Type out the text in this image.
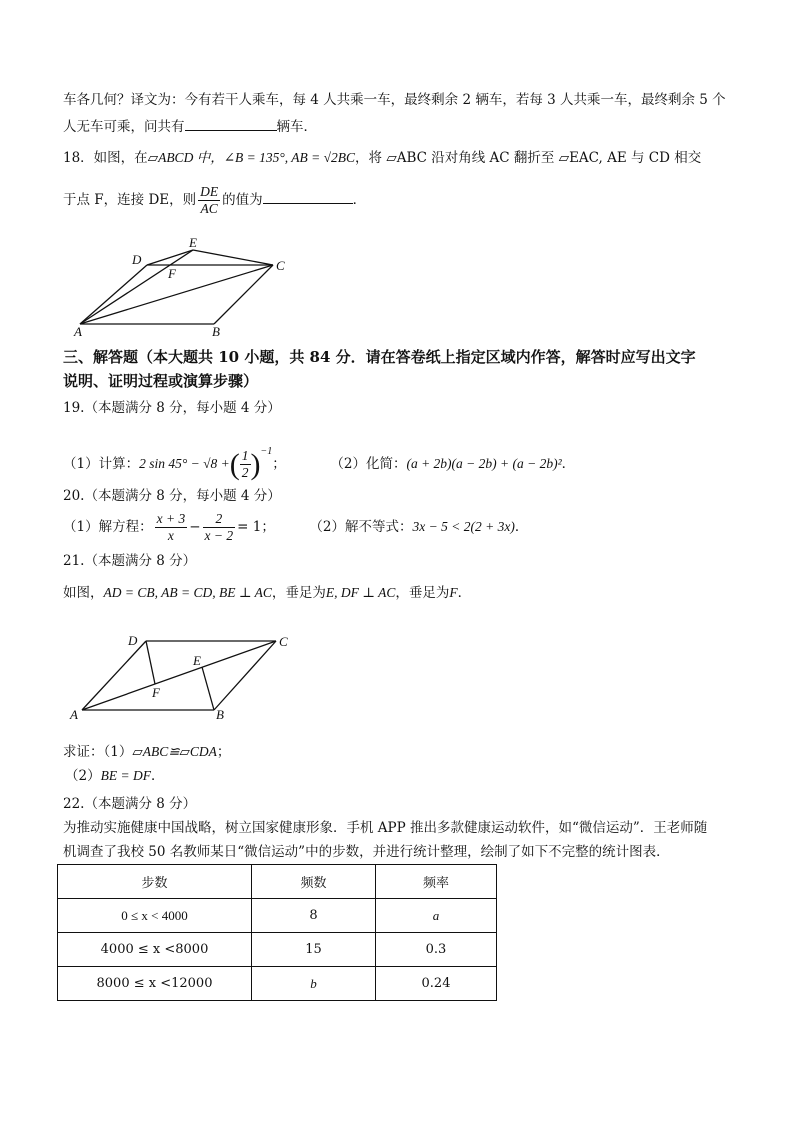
车各几何？译文为：今有若干人乘车，每 4 人共乘一车，最终剩余 2 辆车，若每 3 人共乘一车，最终剩余 5 个
人无车可乘，问共有	辆车．
18．如图，在▱ABCD 中，∠B = 135°, AB = √2BC，将 ▱ABC 沿对角线 AC 翻折至 ▱EAC, AE 与 CD 相交
于点 F，连接 DE，则 $\frac{DE}{AC}$ 的值为	．
D
E
F
C
A	B
三、解答题（本大题共 10 小题，共 84 分．请在答卷纸上指定区域内作答，解答时应写出文字
说明、证明过程或演算步骤）
19.（本题满分 8 分，每小题 4 分）
（1）计算：2 sin 45° − √8 +( $\frac{1}{2} )^{-1}$；	（2）化简：(a + 2b)(a − 2b) + (a − 2b)²．
20.（本题满分 8 分，每小题 4 分）
（1）解方程： $\frac{x + 3}{x} - \frac{2}{x - 2} = 1$；	（2）解不等式：3x − 5 < 2(2 + 3x)．
21.（本题满分 8 分）
如图，AD = CB, AB = CD, BE ⊥ AC，垂足为E, DF ⊥ AC，垂足为F．
D	C
E
F
A	B
求证：（1）▱ABC≌▱CDA；
（2）BE = DF．
22.（本题满分 8 分）
为推动实施健康中国战略，树立国家健康形象．手机 APP 推出多款健康运动软件，如“微信运动”．王老师随
机调查了我校 50 名教师某日“微信运动”中的步数，并进行统计整理，绘制了如下不完整的统计图表．
步数	频数	频率
0 ≤ x < 4000	8	a
4000 ≤ x <8000	15	0.3
8000 ≤ x <12000	b	0.24
